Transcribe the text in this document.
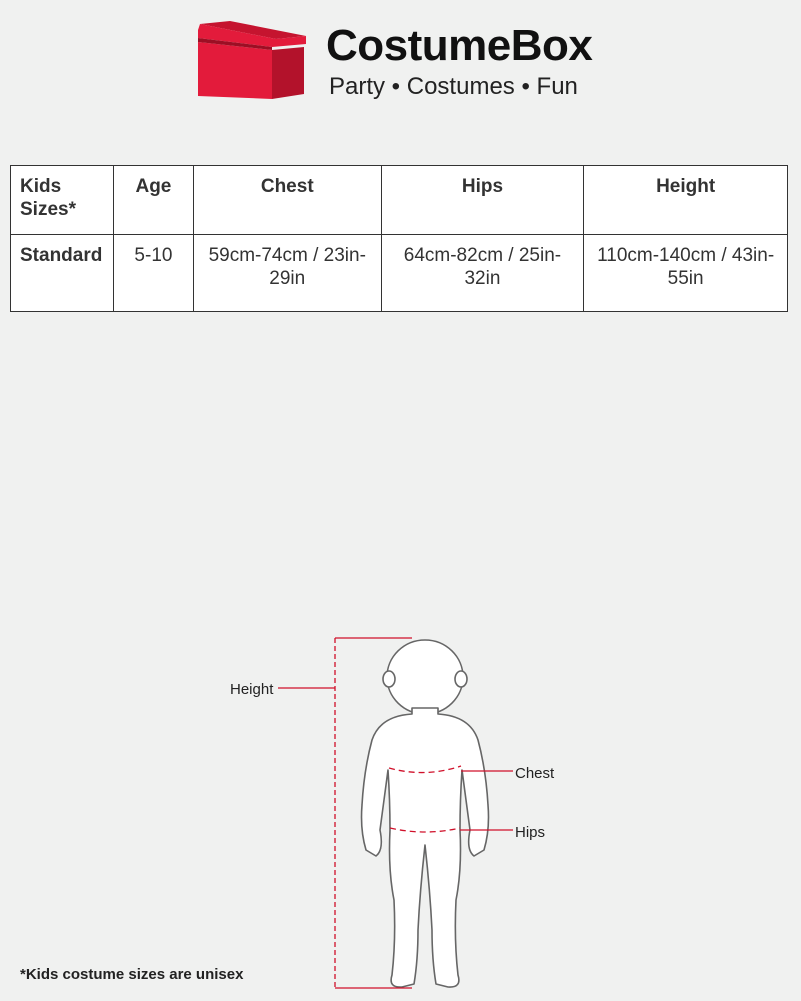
CostumeBox
Party • Costumes • Fun
Kids Sizes*	Age	Chest	Hips	Height
Standard	5-10	59cm-74cm / 23in-29in	64cm-82cm / 25in-32in	110cm-140cm / 43in-55in
Height
Chest
Hips
*Kids costume sizes are unisex
